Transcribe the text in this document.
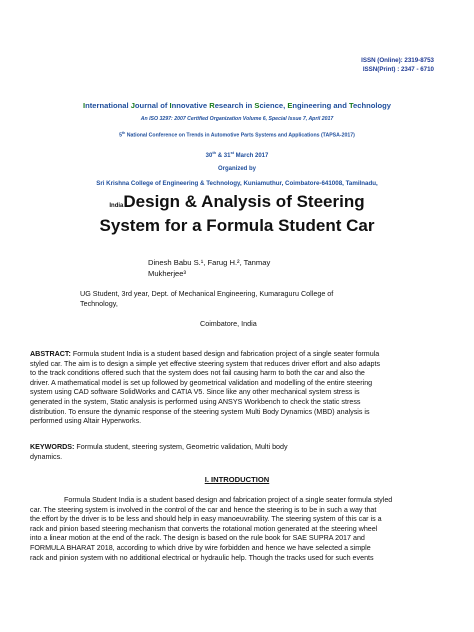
ISSN (Online): 2319-8753
ISSN(Print) : 2347 - 6710
International Journal of Innovative Research in Science, Engineering and Technology
An ISO 3297: 2007 Certified Organization Volume 6, Special Issue 7, April 2017
5th National Conference on Trends in Automotive Parts Systems and Applications (TAPSA-2017)
30th & 31st March 2017
Organized by
Sri Krishna College of Engineering & Technology, Kuniamuthur, Coimbatore-641008, Tamilnadu,
IndiaDesign & Analysis of Steering
System for a Formula Student Car
Dinesh Babu S.¹, Farug H.², Tanmay
Mukherjee³
UG Student, 3rd year, Dept. of Mechanical Engineering, Kumaraguru College of
Technology,
Coimbatore, India
ABSTRACT: Formula student India is a student based design and fabrication project of a single seater formula
styled car. The aim is to design a simple yet effective steering system that reduces driver effort and also adapts
to the track conditions offered such that the system does not fail causing harm to both the car and also the
driver. A mathematical model is set up followed by geometrical validation and modelling of the entire steering
system using CAD software SolidWorks and CATIA V5. Since like any other mechanical system stress is
generated in the system, Static analysis is performed using ANSYS Workbench to check the static stress
distribution. To ensure the dynamic response of the steering system Multi Body Dynamics (MBD) analysis is
performed using Altair Hyperworks.
KEYWORDS: Formula student, steering system, Geometric validation, Multi body
dynamics.
I. INTRODUCTION
Formula Student India is a student based design and fabrication project of a single seater formula styled
car. The steering system is involved in the control of the car and hence the steering is to be in such a way that
the effort by the driver is to be less and should help in easy manoeuvrability. The steering system of this car is a
rack and pinion based steering mechanism that converts the rotational motion generated at the steering wheel
into a linear motion at the end of the rack. The design is based on the rule book for SAE SUPRA 2017 and
FORMULA BHARAT 2018, according to which drive by wire forbidden and hence we have selected a simple
rack and pinion system with no additional electrical or hydraulic help. Though the tracks used for such events
